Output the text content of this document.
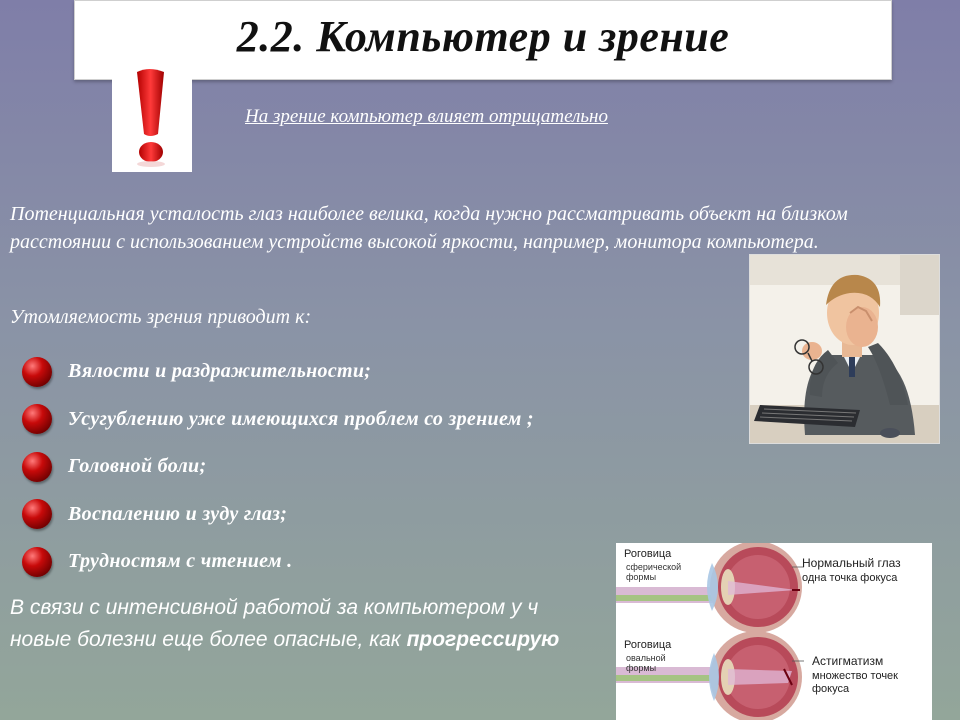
2.2. Компьютер и зрение
На зрение компьютер влияет отрицательно
Потенциальная усталость глаз наиболее велика, когда нужно рассматривать объект на близком расстоянии с использованием устройств высокой яркости, например, монитора компьютера.
Утомляемость зрения приводит к:
Вялости и раздражительности;
Усугублению уже имеющихся проблем со зрением ;
Головной боли;
Воспалению и зуду глаз;
Трудностям с чтением .
В связи с интенсивной работой за компьютером у ч
новые болезни еще более опасные, как прогрессирую
Роговица
сферической
формы
Нормальный глаз
одна точка фокуса
Роговица
овальной
формы	Астигматизм
множество точек
фокуса
